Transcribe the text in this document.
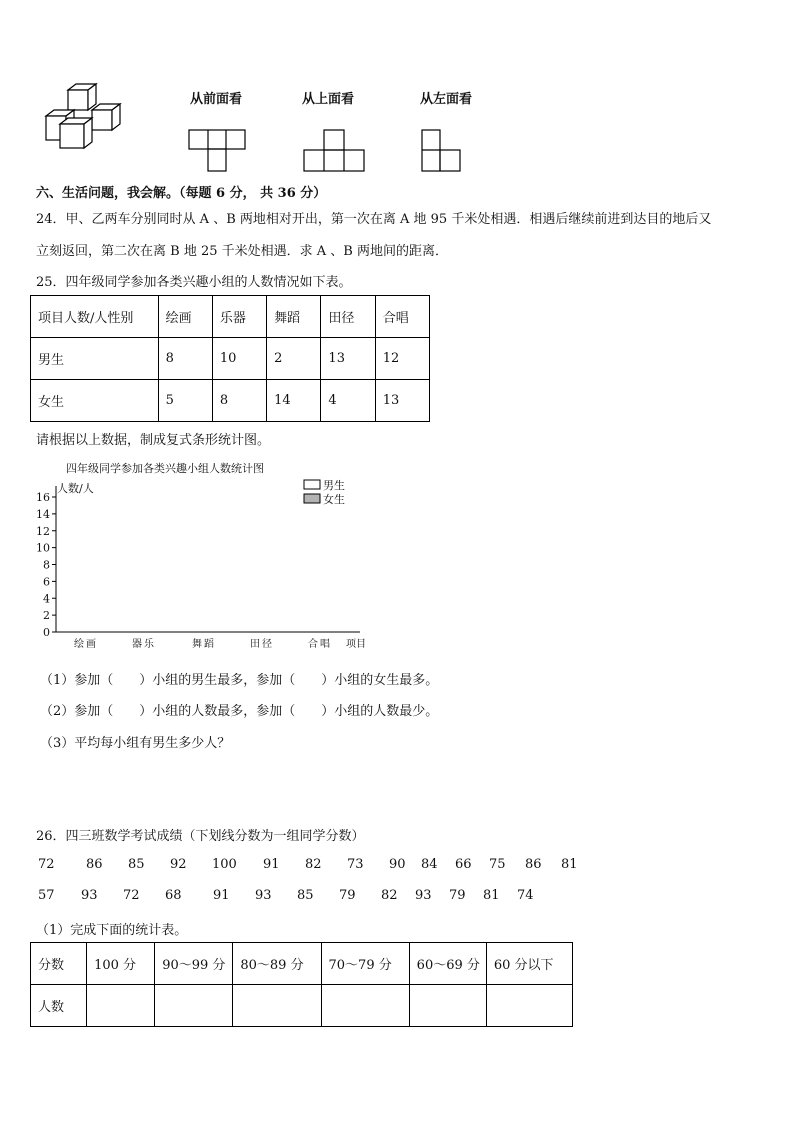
从前面看	从上面看	从左面看
六、生活问题，我会解。（每题 6 分， 共 36 分）
24．甲、乙两车分别同时从 A 、B 两地相对开出，第一次在离 A 地 95 千米处相遇．相遇后继续前进到达目的地后又
立刻返回，第二次在离 B 地 25 千米处相遇．求 A 、B 两地间的距离．
25．四年级同学参加各类兴趣小组的人数情况如下表。
项目人数/人性别	绘画	乐器	舞蹈	田径	合唱
男生	8	10	2	13	12
女生	5	8	14	4	13
请根据以上数据，制成复式条形统计图。
四年级同学参加各类兴趣小组人数统计图
人数/人	男生
女生
0
2
4
6
8
10
12
14
16
绘画	器乐	舞蹈	田径	合唱 项目
（1）参加（　　）小组的男生最多，参加（　　）小组的女生最多。
（2）参加（　　）小组的人数最多，参加（　　）小组的人数最少。
（3）平均每小组有男生多少人？
26．四三班数学考试成绩（下划线分数为一组同学分数）
72 86 85 92 100 91 82 73 90 84 66 75 86 81
57 93 72 68 91 93 85 79 82 93 79 81 74
（1）完成下面的统计表。
分数	100 分	90～99 分	80～89 分	70～79 分	60～69 分	60 分以下
人数						
